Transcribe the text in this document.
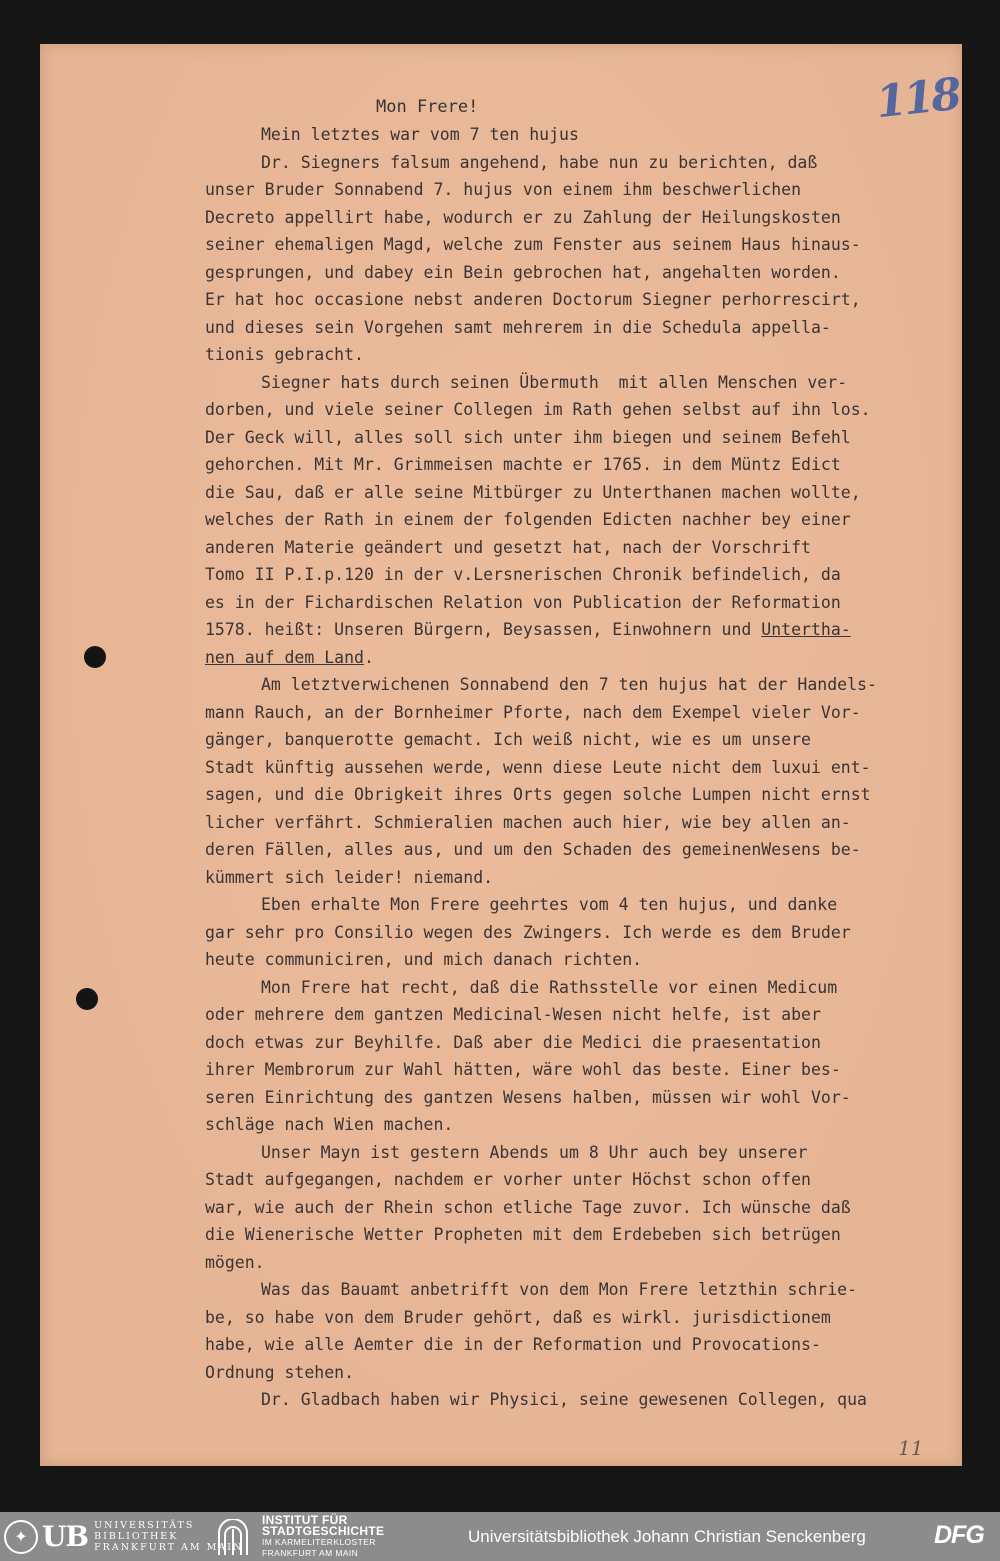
118
Mon Frere!
Mein letztes war vom 7 ten hujus
Dr. Siegners falsum angehend, habe nun zu berichten, daß
unser Bruder Sonnabend 7. hujus von einem ihm beschwerlichen
Decreto appellirt habe, wodurch er zu Zahlung der Heilungskosten
seiner ehemaligen Magd, welche zum Fenster aus seinem Haus hinaus-
gesprungen, und dabey ein Bein gebrochen hat, angehalten worden.
Er hat hoc occasione nebst anderen Doctorum Siegner perhorrescirt,
und dieses sein Vorgehen samt mehrerem in die Schedula appella-
tionis gebracht.
Siegner hats durch seinen Übermuth  mit allen Menschen ver-
dorben, und viele seiner Collegen im Rath gehen selbst auf ihn los.
Der Geck will, alles soll sich unter ihm biegen und seinem Befehl
gehorchen. Mit Mr. Grimmeisen machte er 1765. in dem Müntz Edict
die Sau, daß er alle seine Mitbürger zu Unterthanen machen wollte,
welches der Rath in einem der folgenden Edicten nachher bey einer
anderen Materie geändert und gesetzt hat, nach der Vorschrift
Tomo II P.I.p.120 in der v.Lersnerischen Chronik befindelich, da
es in der Fichardischen Relation von Publication der Reformation
1578. heißt: Unseren Bürgern, Beysassen, Einwohnern und Untertha-
nen auf dem Land.
Am letztverwichenen Sonnabend den 7 ten hujus hat der Handels-
mann Rauch, an der Bornheimer Pforte, nach dem Exempel vieler Vor-
gänger, banquerotte gemacht. Ich weiß nicht, wie es um unsere
Stadt künftig aussehen werde, wenn diese Leute nicht dem luxui ent-
sagen, und die Obrigkeit ihres Orts gegen solche Lumpen nicht ernst
licher verfährt. Schmieralien machen auch hier, wie bey allen an-
deren Fällen, alles aus, und um den Schaden des gemeinenWesens be-
kümmert sich leider! niemand.
Eben erhalte Mon Frere geehrtes vom 4 ten hujus, und danke
gar sehr pro Consilio wegen des Zwingers. Ich werde es dem Bruder
heute communiciren, und mich danach richten.
Mon Frere hat recht, daß die Rathsstelle vor einen Medicum
oder mehrere dem gantzen Medicinal-Wesen nicht helfe, ist aber
doch etwas zur Beyhilfe. Daß aber die Medici die praesentation
ihrer Membrorum zur Wahl hätten, wäre wohl das beste. Einer bes-
seren Einrichtung des gantzen Wesens halben, müssen wir wohl Vor-
schläge nach Wien machen.
Unser Mayn ist gestern Abends um 8 Uhr auch bey unserer
Stadt aufgegangen, nachdem er vorher unter Höchst schon offen
war, wie auch der Rhein schon etliche Tage zuvor. Ich wünsche daß
die Wienerische Wetter Propheten mit dem Erdebeben sich betrügen
mögen.
Was das Bauamt anbetrifft von dem Mon Frere letzthin schrie-
be, so habe von dem Bruder gehört, daß es wirkl. jurisdictionem
habe, wie alle Aemter die in der Reformation und Provocations-
Ordnung stehen.
Dr. Gladbach haben wir Physici, seine gewesenen Collegen, qua
11
✦ UB UNIVERSITÄTS
BIBLIOTHEK
FRANKFURT AM MAIN
INSTITUT FÜR
STADTGESCHICHTE
IM KARMELITERKLOSTER
FRANKFURT AM MAIN
Universitätsbibliothek Johann Christian Senckenberg	DFG
